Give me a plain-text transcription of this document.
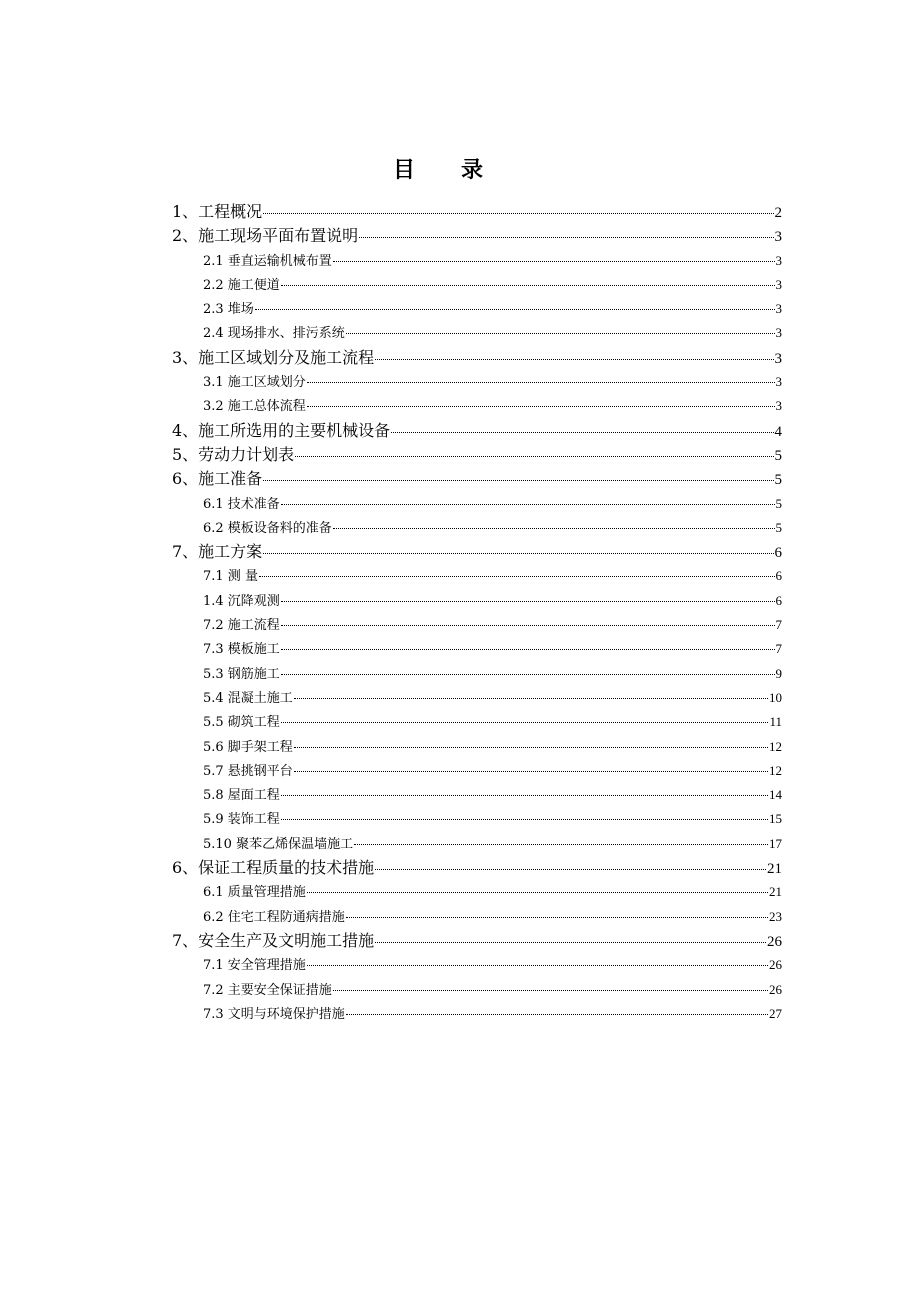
目 录
1、工程概况	2
2、施工现场平面布置说明	3
2.1 垂直运输机械布置	3
2.2 施工便道	3
2.3 堆场	3
2.4 现场排水、排污系统	3
3、施工区域划分及施工流程	3
3.1 施工区域划分	3
3.2 施工总体流程	3
4、施工所选用的主要机械设备	4
5、劳动力计划表	5
6、施工准备	5
6.1 技术准备	5
6.2 模板设备料的准备	5
7、施工方案	6
7.1 测 量	6
1.4 沉降观测	6
7.2 施工流程	7
7.3 模板施工	7
5.3 钢筋施工	9
5.4 混凝土施工	10
5.5 砌筑工程	11
5.6 脚手架工程	12
5.7 悬挑钢平台	12
5.8 屋面工程	14
5.9 装饰工程	15
5.10 聚苯乙烯保温墙施工	17
6、保证工程质量的技术措施	21
6.1 质量管理措施	21
6.2 住宅工程防通病措施	23
7、安全生产及文明施工措施	26
7.1 安全管理措施	26
7.2 主要安全保证措施	26
7.3 文明与环境保护措施	27
